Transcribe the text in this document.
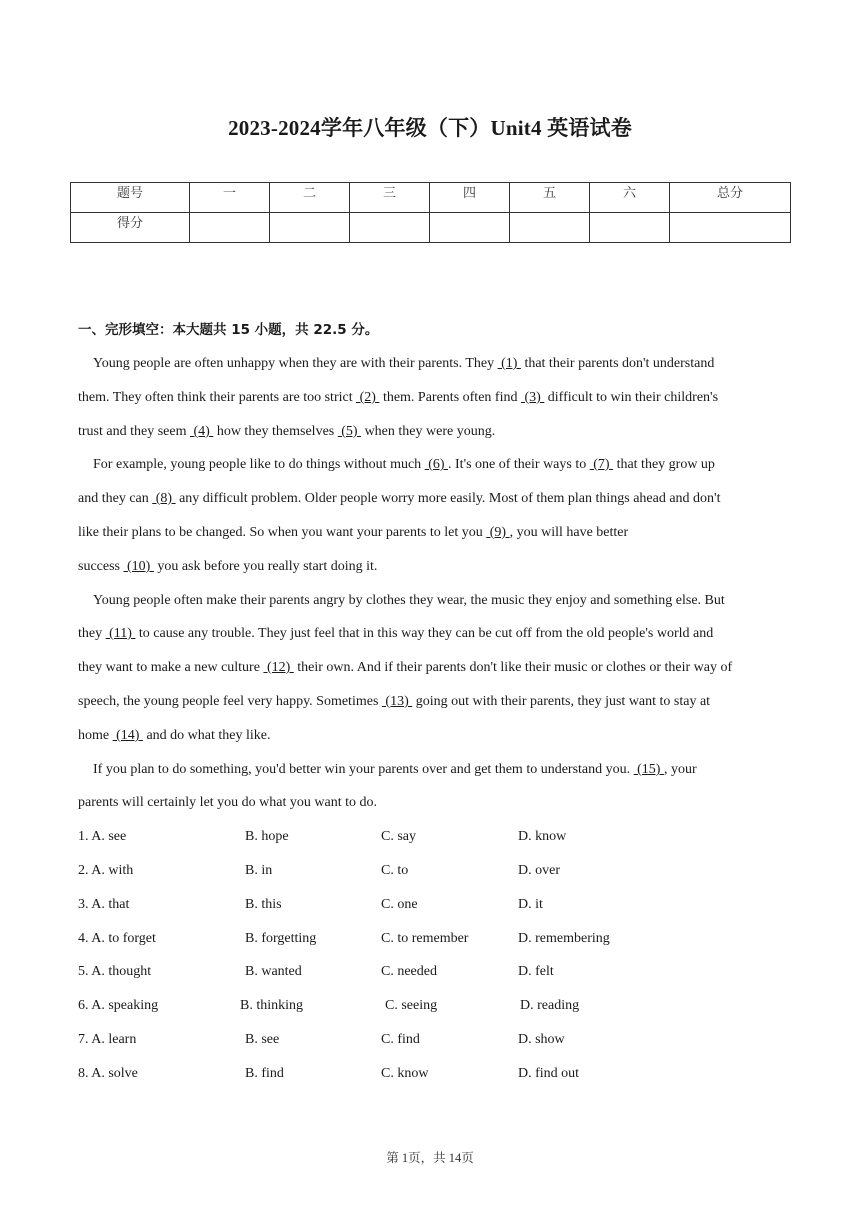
2023-2024学年八年级（下）Unit4 英语试卷
题号	一	二	三	四	五	六	总分
得分							
一、完形填空：本大题共 15 小题，共 22.5 分。
Young people are often unhappy when they are with their parents. They  (1)  that their parents don't understand
them. They often think their parents are too strict  (2)  them. Parents often find  (3)  difficult to win their children's
trust and they seem  (4)  how they themselves  (5)  when they were young.
For example, young people like to do things without much  (6) . It's one of their ways to  (7)  that they grow up
and they can  (8)  any difficult problem. Older people worry more easily. Most of them plan things ahead and don't
like their plans to be changed. So when you want your parents to let you  (9) , you will have better
success  (10)  you ask before you really start doing it.
Young people often make their parents angry by clothes they wear, the music they enjoy and something else. But
they  (11)  to cause any trouble. They just feel that in this way they can be cut off from the old people's world and
they want to make a new culture  (12)  their own. And if their parents don't like their music or clothes or their way of
speech, the young people feel very happy. Sometimes  (13)  going out with their parents, they just want to stay at
home  (14)  and do what they like.
If you plan to do something, you'd better win your parents over and get them to understand you.  (15) , your
parents will certainly let you do what you want to do.
1. A. see	B. hope	C. say	D. know
2. A. with	B. in	C. to	D. over
3. A. that	B. this	C. one	D. it
4. A. to forget	B. forgetting	C. to remember	D. remembering
5. A. thought	B. wanted	C. needed	D. felt
6. A. speaking	B. thinking	C. seeing	D. reading
7. A. learn	B. see	C. find	D. show
8. A. solve	B. find	C. know	D. find out
第 1页，共 14页
